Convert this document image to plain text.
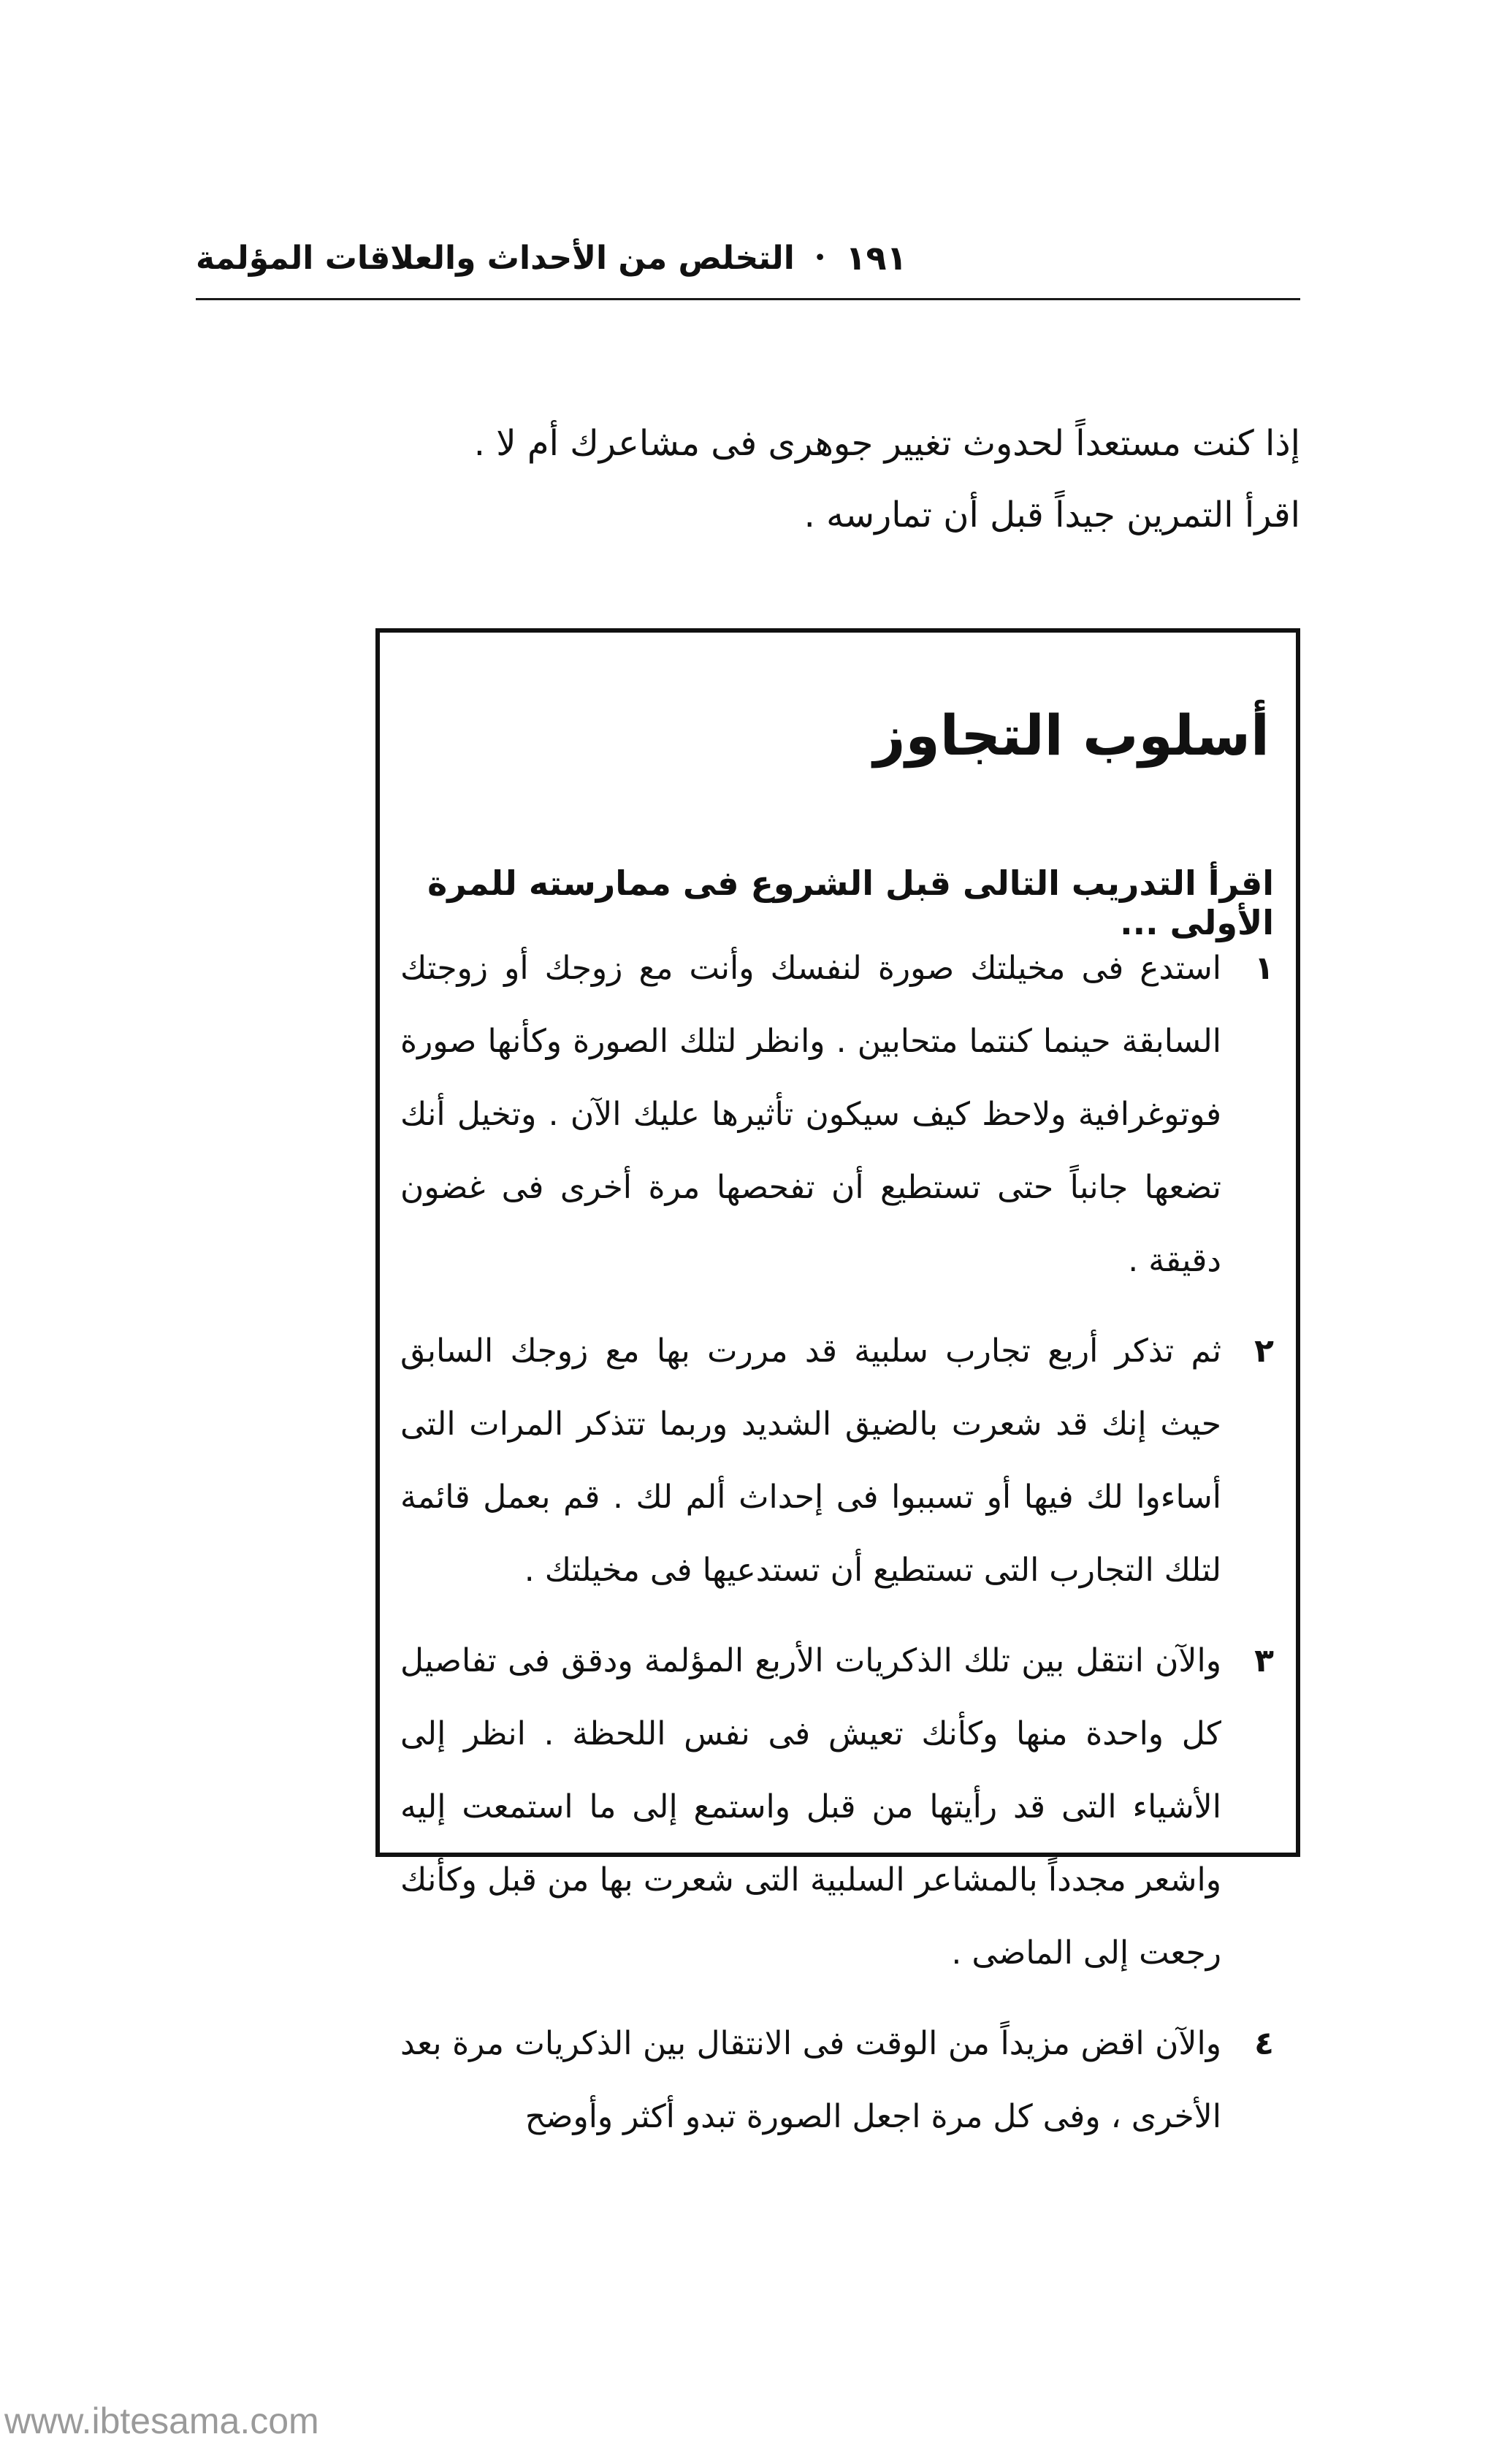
التخلص من الأحداث والعلاقات المؤلمة • ١٩١

إذا كنت مستعداً لحدوث تغيير جوهرى فى مشاعرك أم لا .

اقرأ التمرين جيداً قبل أن تمارسه .

أسلوب التجاوز
اقرأ التدريب التالى قبل الشروع فى ممارسته للمرة الأولى ...
١
استدع فى مخيلتك صورة لنفسك وأنت مع زوجك أو زوجتك السابقة حينما كنتما متحابين . وانظر لتلك الصورة وكأنها صورة فوتوغرافية ولاحظ كيف سيكون تأثيرها عليك الآن . وتخيل أنك تضعها جانباً حتى تستطيع أن تفحصها مرة أخرى فى غضون دقيقة .
٢
ثم تذكر أربع تجارب سلبية قد مررت بها مع زوجك السابق حيث إنك قد شعرت بالضيق الشديد وربما تتذكر المرات التى أساءوا لك فيها أو تسببوا فى إحداث ألم لك . قم بعمل قائمة لتلك التجارب التى تستطيع أن تستدعيها فى مخيلتك .
٣
والآن انتقل بين تلك الذكريات الأربع المؤلمة ودقق فى تفاصيل كل واحدة منها وكأنك تعيش فى نفس اللحظة . انظر إلى الأشياء التى قد رأيتها من قبل واستمع إلى ما استمعت إليه واشعر مجدداً بالمشاعر السلبية التى شعرت بها من قبل وكأنك رجعت إلى الماضى .
٤
والآن اقض مزيداً من الوقت فى الانتقال بين الذكريات مرة بعد الأخرى ، وفى كل مرة اجعل الصورة تبدو أكثر وأوضح
www.ibtesama.com
